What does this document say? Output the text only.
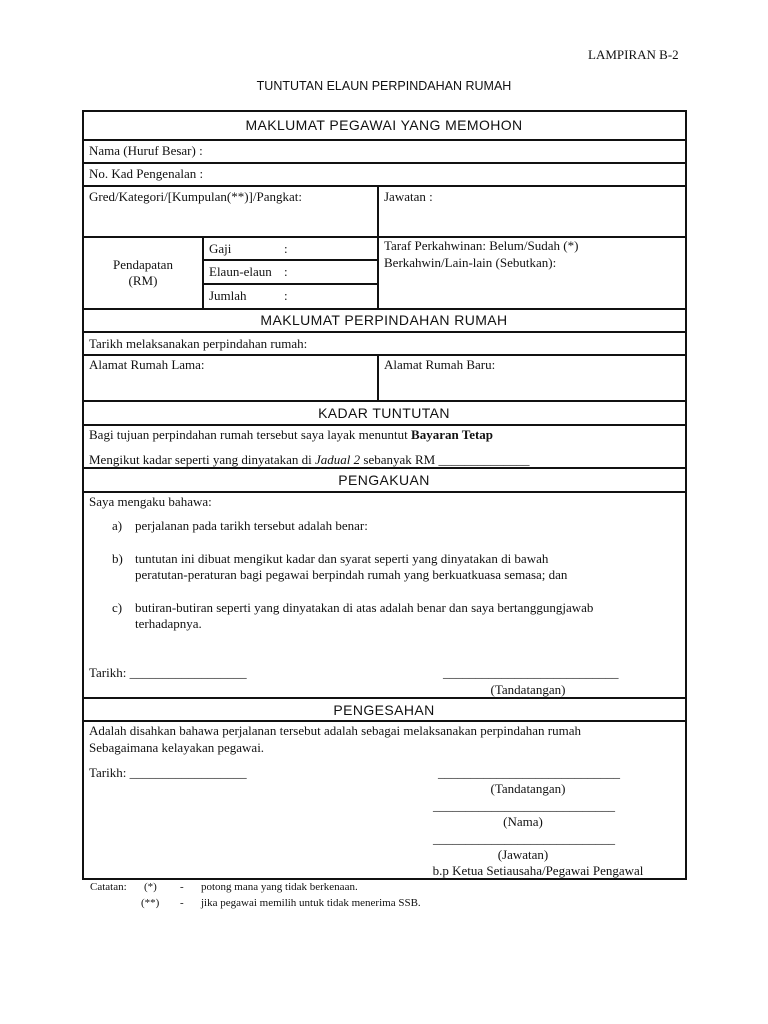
LAMPIRAN B-2
TUNTUTAN ELAUN PERPINDAHAN RUMAH
MAKLUMAT PEGAWAI YANG MEMOHON
Nama (Huruf Besar) :
No. Kad Pengenalan :
Gred/Kategori/[Kumpulan(**)]/Pangkat:	Jawatan :
Pendapatan
(RM)
Gaji	:
Elaun-elaun :
Jumlah	:
Taraf Perkahwinan: Belum/Sudah (*)
Berkahwin/Lain-lain (Sebutkan):
MAKLUMAT PERPINDAHAN RUMAH
Tarikh melaksanakan perpindahan rumah:
Alamat Rumah Lama:	Alamat Rumah Baru:
KADAR TUNTUTAN
Bagi tujuan perpindahan rumah tersebut saya layak menuntut Bayaran Tetap
Mengikut kadar seperti yang dinyatakan di Jadual 2 sebanyak RM ______________
PENGAKUAN
Saya mengaku bahawa:
a) perjalanan pada tarikh tersebut adalah benar:
b) tuntutan ini dibuat mengikut kadar dan syarat seperti yang dinyatakan di bawah
peratutan-peraturan bagi pegawai berpindah rumah yang berkuatkuasa semasa; dan
c) butiran-butiran seperti yang dinyatakan di atas adalah benar dan saya bertanggungjawab
terhadapnya.
Tarikh: __________________	___________________________
(Tandatangan)
PENGESAHAN
Adalah disahkan bahawa perjalanan tersebut adalah sebagai melaksanakan perpindahan rumah
Sebagaimana kelayakan pegawai.
Tarikh: __________________	____________________________
(Tandatangan)
____________________________
(Nama)
____________________________
(Jawatan)
b.p Ketua Setiausaha/Pegawai Pengawal
Catatan: (*) - potong mana yang tidak berkenaan.
(**) - jika pegawai memilih untuk tidak menerima SSB.
